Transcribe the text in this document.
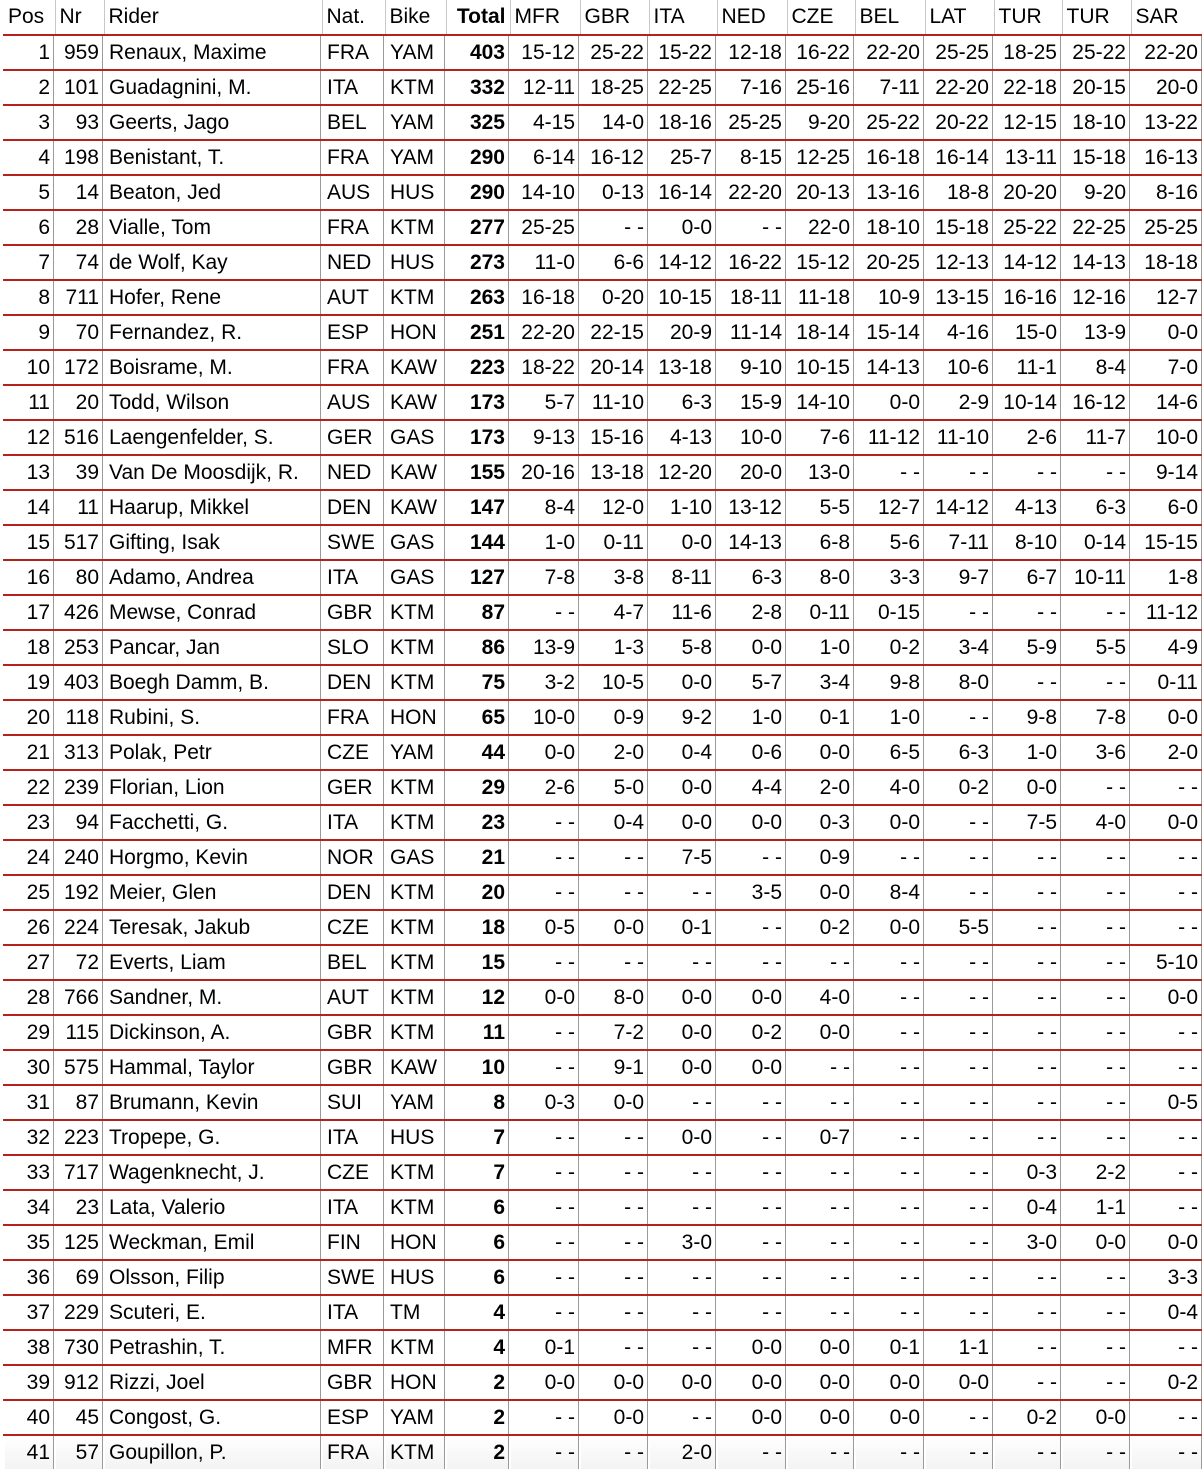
Pos	Nr	Rider	Nat.	Bike	Total	MFR	GBR	ITA	NED	CZE	BEL	LAT	TUR	TUR	SAR
1	959	Renaux, Maxime	FRA	YAM	403	15-12	25-22	15-22	12-18	16-22	22-20	25-25	18-25	25-22	22-20
2	101	Guadagnini, M.	ITA	KTM	332	12-11	18-25	22-25	7-16	25-16	7-11	22-20	22-18	20-15	20-0
3	93	Geerts, Jago	BEL	YAM	325	4-15	14-0	18-16	25-25	9-20	25-22	20-22	12-15	18-10	13-22
4	198	Benistant, T.	FRA	YAM	290	6-14	16-12	25-7	8-15	12-25	16-18	16-14	13-11	15-18	16-13
5	14	Beaton, Jed	AUS	HUS	290	14-10	0-13	16-14	22-20	20-13	13-16	18-8	20-20	9-20	8-16
6	28	Vialle, Tom	FRA	KTM	277	25-25	- -	0-0	- -	22-0	18-10	15-18	25-22	22-25	25-25
7	74	de Wolf, Kay	NED	HUS	273	11-0	6-6	14-12	16-22	15-12	20-25	12-13	14-12	14-13	18-18
8	711	Hofer, Rene	AUT	KTM	263	16-18	0-20	10-15	18-11	11-18	10-9	13-15	16-16	12-16	12-7
9	70	Fernandez, R.	ESP	HON	251	22-20	22-15	20-9	11-14	18-14	15-14	4-16	15-0	13-9	0-0
10	172	Boisrame, M.	FRA	KAW	223	18-22	20-14	13-18	9-10	10-15	14-13	10-6	11-1	8-4	7-0
11	20	Todd, Wilson	AUS	KAW	173	5-7	11-10	6-3	15-9	14-10	0-0	2-9	10-14	16-12	14-6
12	516	Laengenfelder, S.	GER	GAS	173	9-13	15-16	4-13	10-0	7-6	11-12	11-10	2-6	11-7	10-0
13	39	Van De Moosdijk, R.	NED	KAW	155	20-16	13-18	12-20	20-0	13-0	- -	- -	- -	- -	9-14
14	11	Haarup, Mikkel	DEN	KAW	147	8-4	12-0	1-10	13-12	5-5	12-7	14-12	4-13	6-3	6-0
15	517	Gifting, Isak	SWE	GAS	144	1-0	0-11	0-0	14-13	6-8	5-6	7-11	8-10	0-14	15-15
16	80	Adamo, Andrea	ITA	GAS	127	7-8	3-8	8-11	6-3	8-0	3-3	9-7	6-7	10-11	1-8
17	426	Mewse, Conrad	GBR	KTM	87	- -	4-7	11-6	2-8	0-11	0-15	- -	- -	- -	11-12
18	253	Pancar, Jan	SLO	KTM	86	13-9	1-3	5-8	0-0	1-0	0-2	3-4	5-9	5-5	4-9
19	403	Boegh Damm, B.	DEN	KTM	75	3-2	10-5	0-0	5-7	3-4	9-8	8-0	- -	- -	0-11
20	118	Rubini, S.	FRA	HON	65	10-0	0-9	9-2	1-0	0-1	1-0	- -	9-8	7-8	0-0
21	313	Polak, Petr	CZE	YAM	44	0-0	2-0	0-4	0-6	0-0	6-5	6-3	1-0	3-6	2-0
22	239	Florian, Lion	GER	KTM	29	2-6	5-0	0-0	4-4	2-0	4-0	0-2	0-0	- -	- -
23	94	Facchetti, G.	ITA	KTM	23	- -	0-4	0-0	0-0	0-3	0-0	- -	7-5	4-0	0-0
24	240	Horgmo, Kevin	NOR	GAS	21	- -	- -	7-5	- -	0-9	- -	- -	- -	- -	- -
25	192	Meier, Glen	DEN	KTM	20	- -	- -	- -	3-5	0-0	8-4	- -	- -	- -	- -
26	224	Teresak, Jakub	CZE	KTM	18	0-5	0-0	0-1	- -	0-2	0-0	5-5	- -	- -	- -
27	72	Everts, Liam	BEL	KTM	15	- -	- -	- -	- -	- -	- -	- -	- -	- -	5-10
28	766	Sandner, M.	AUT	KTM	12	0-0	8-0	0-0	0-0	4-0	- -	- -	- -	- -	0-0
29	115	Dickinson, A.	GBR	KTM	11	- -	7-2	0-0	0-2	0-0	- -	- -	- -	- -	- -
30	575	Hammal, Taylor	GBR	KAW	10	- -	9-1	0-0	0-0	- -	- -	- -	- -	- -	- -
31	87	Brumann, Kevin	SUI	YAM	8	0-3	0-0	- -	- -	- -	- -	- -	- -	- -	0-5
32	223	Tropepe, G.	ITA	HUS	7	- -	- -	0-0	- -	0-7	- -	- -	- -	- -	- -
33	717	Wagenknecht, J.	CZE	KTM	7	- -	- -	- -	- -	- -	- -	- -	0-3	2-2	- -
34	23	Lata, Valerio	ITA	KTM	6	- -	- -	- -	- -	- -	- -	- -	0-4	1-1	- -
35	125	Weckman, Emil	FIN	HON	6	- -	- -	3-0	- -	- -	- -	- -	3-0	0-0	0-0
36	69	Olsson, Filip	SWE	HUS	6	- -	- -	- -	- -	- -	- -	- -	- -	- -	3-3
37	229	Scuteri, E.	ITA	TM	4	- -	- -	- -	- -	- -	- -	- -	- -	- -	0-4
38	730	Petrashin, T.	MFR	KTM	4	0-1	- -	- -	0-0	0-0	0-1	1-1	- -	- -	- -
39	912	Rizzi, Joel	GBR	HON	2	0-0	0-0	0-0	0-0	0-0	0-0	0-0	- -	- -	0-2
40	45	Congost, G.	ESP	YAM	2	- -	0-0	- -	0-0	0-0	0-0	- -	0-2	0-0	- -
41	57	Goupillon, P.	FRA	KTM	2	- -	- -	2-0	- -	- -	- -	- -	- -	- -	- -
